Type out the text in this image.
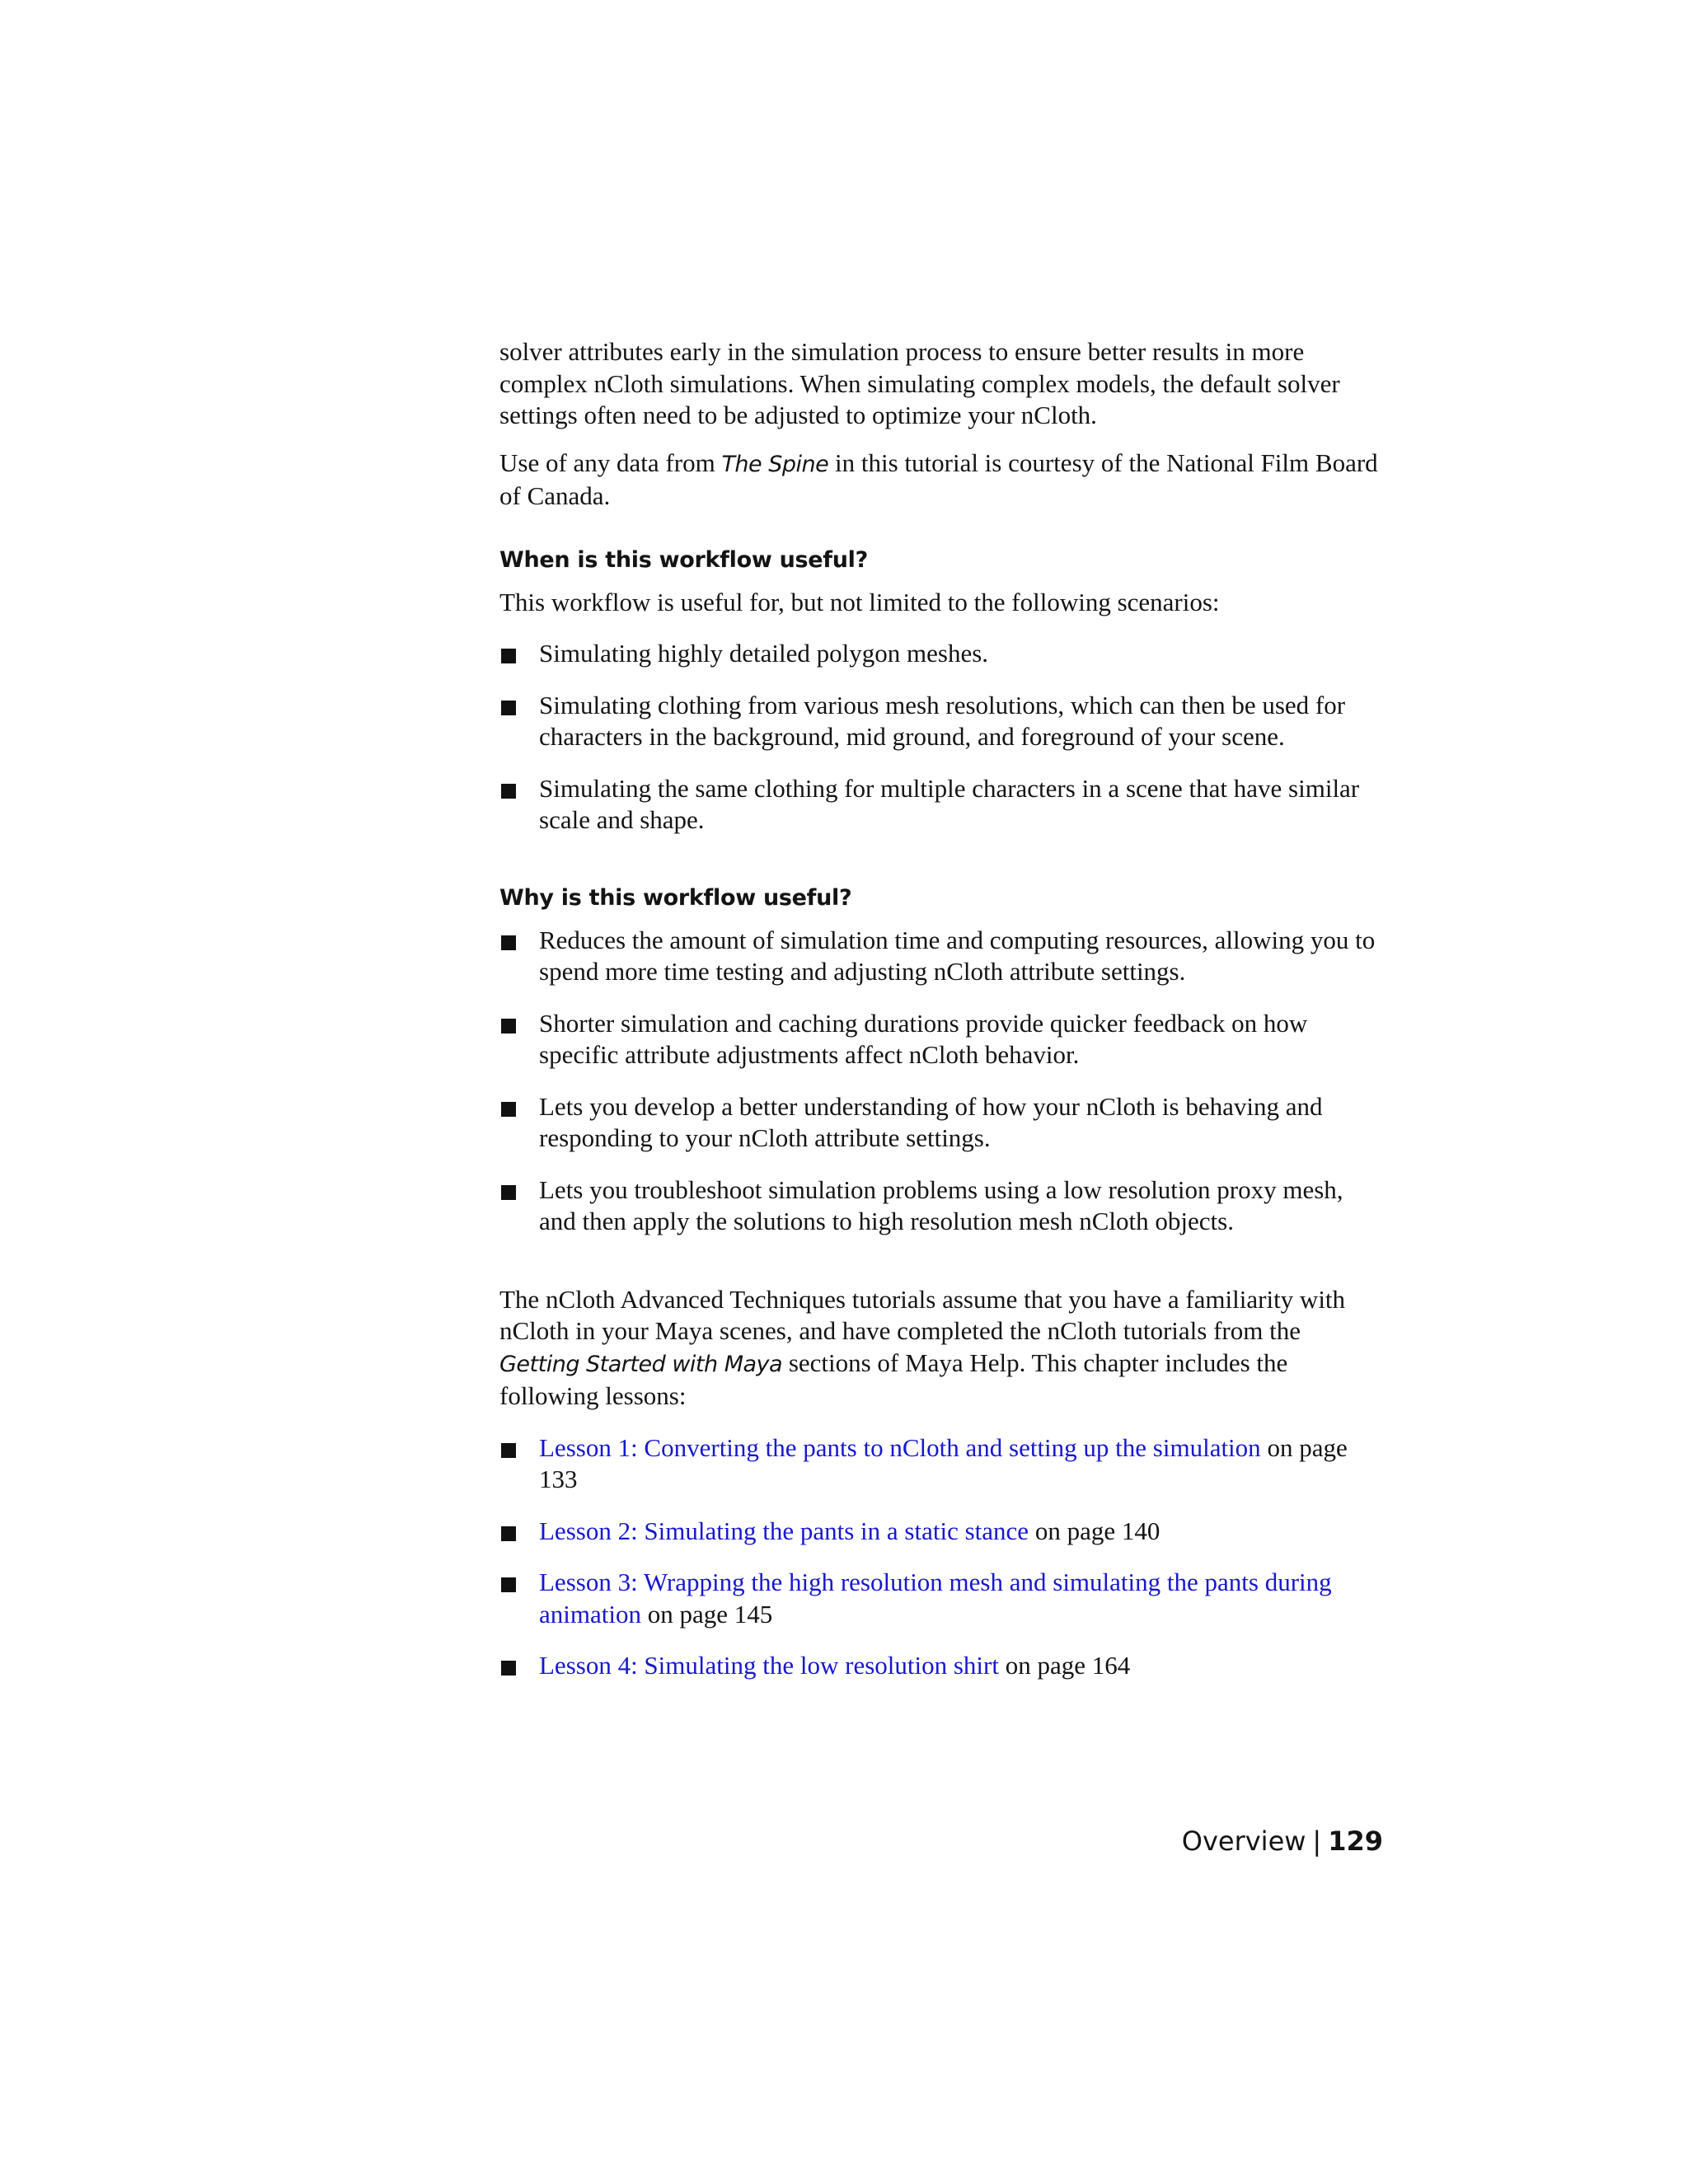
solver attributes early in the simulation process to ensure better results in more complex nCloth simulations. When simulating complex models, the default solver settings often need to be adjusted to optimize your nCloth.

Use of any data from The Spine in this tutorial is courtesy of the National Film Board of Canada.

When is this workflow useful?

This workflow is useful for, but not limited to the following scenarios:

Simulating highly detailed polygon meshes.
Simulating clothing from various mesh resolutions, which can then be used for characters in the background, mid ground, and foreground of your scene.
Simulating the same clothing for multiple characters in a scene that have similar scale and shape.
Why is this workflow useful?
Reduces the amount of simulation time and computing resources, allowing you to spend more time testing and adjusting nCloth attribute settings.
Shorter simulation and caching durations provide quicker feedback on how specific attribute adjustments affect nCloth behavior.
Lets you develop a better understanding of how your nCloth is behaving and responding to your nCloth attribute settings.
Lets you troubleshoot simulation problems using a low resolution proxy mesh, and then apply the solutions to high resolution mesh nCloth objects.

The nCloth Advanced Techniques tutorials assume that you have a familiarity with nCloth in your Maya scenes, and have completed the nCloth tutorials from the Getting Started with Maya sections of Maya Help. This chapter includes the following lessons:

Lesson 1: Converting the pants to nCloth and setting up the simulation on page 133
Lesson 2: Simulating the pants in a static stance on page 140
Lesson 3: Wrapping the high resolution mesh and simulating the pants during animation on page 145
Lesson 4: Simulating the low resolution shirt on page 164
Overview | 129
